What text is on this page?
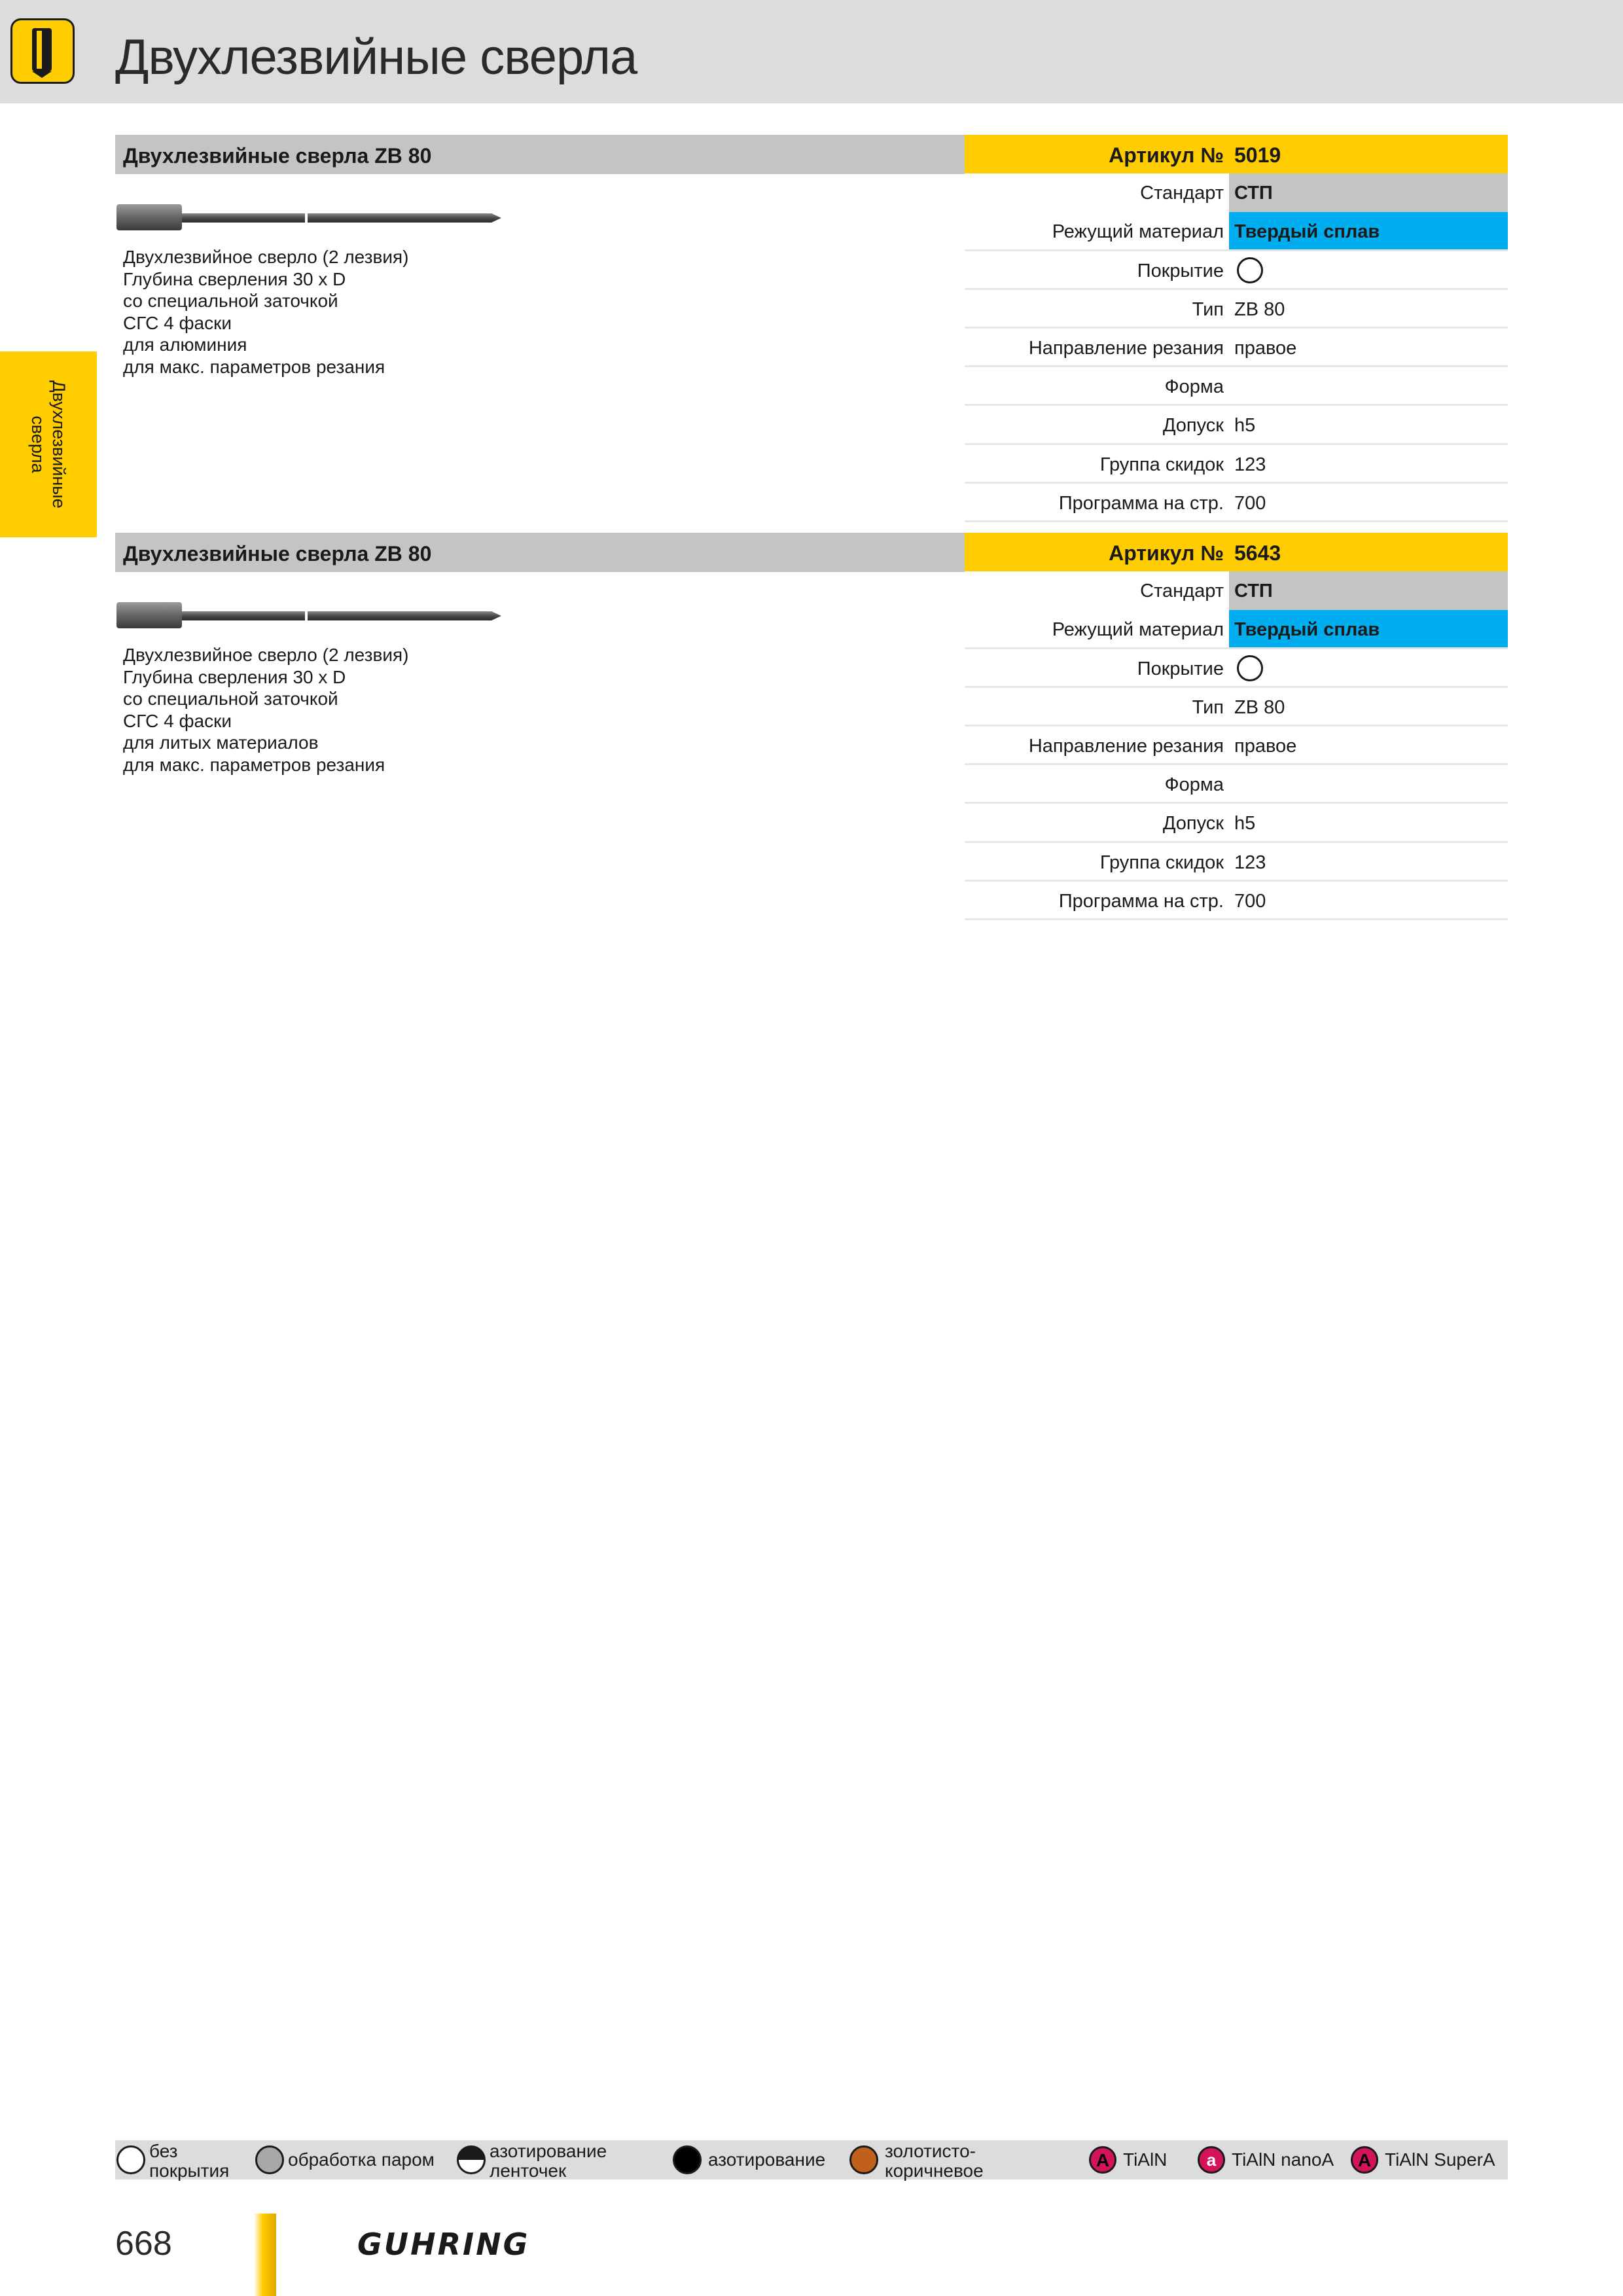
Двухлезвийные сверла
Двухлезвийные
сверла
Двухлезвийные сверла ZB 80
Двухлезвийное сверло (2 лезвия)
Глубина сверления 30 x D
со специальной заточкой
СГС 4 фаски
для алюминия
для макс. параметров резания
Артикул № 5019
Стандарт СТП
Режущий материал Твердый сплав
Покрытие
Тип ZB 80
Направление резания правое
Форма
Допуск h5
Группа скидок 123
Программа на стр. 700
Двухлезвийные сверла ZB 80
Двухлезвийное сверло (2 лезвия)
Глубина сверления 30 x D
со специальной заточкой
СГС 4 фаски
для литых материалов
для макс. параметров резания
Артикул № 5643
Стандарт СТП
Режущий материал Твердый сплав
Покрытие
Тип ZB 80
Направление резания правое
Форма
Допуск h5
Группа скидок 123
Программа на стр. 700
без
покрытия
обработка паром	азотирование
ленточек
азотирование	золотисто-
коричневое
A TiAlN	a TiAlN nanoA	A TiAlN SuperA
668	GUHRING
